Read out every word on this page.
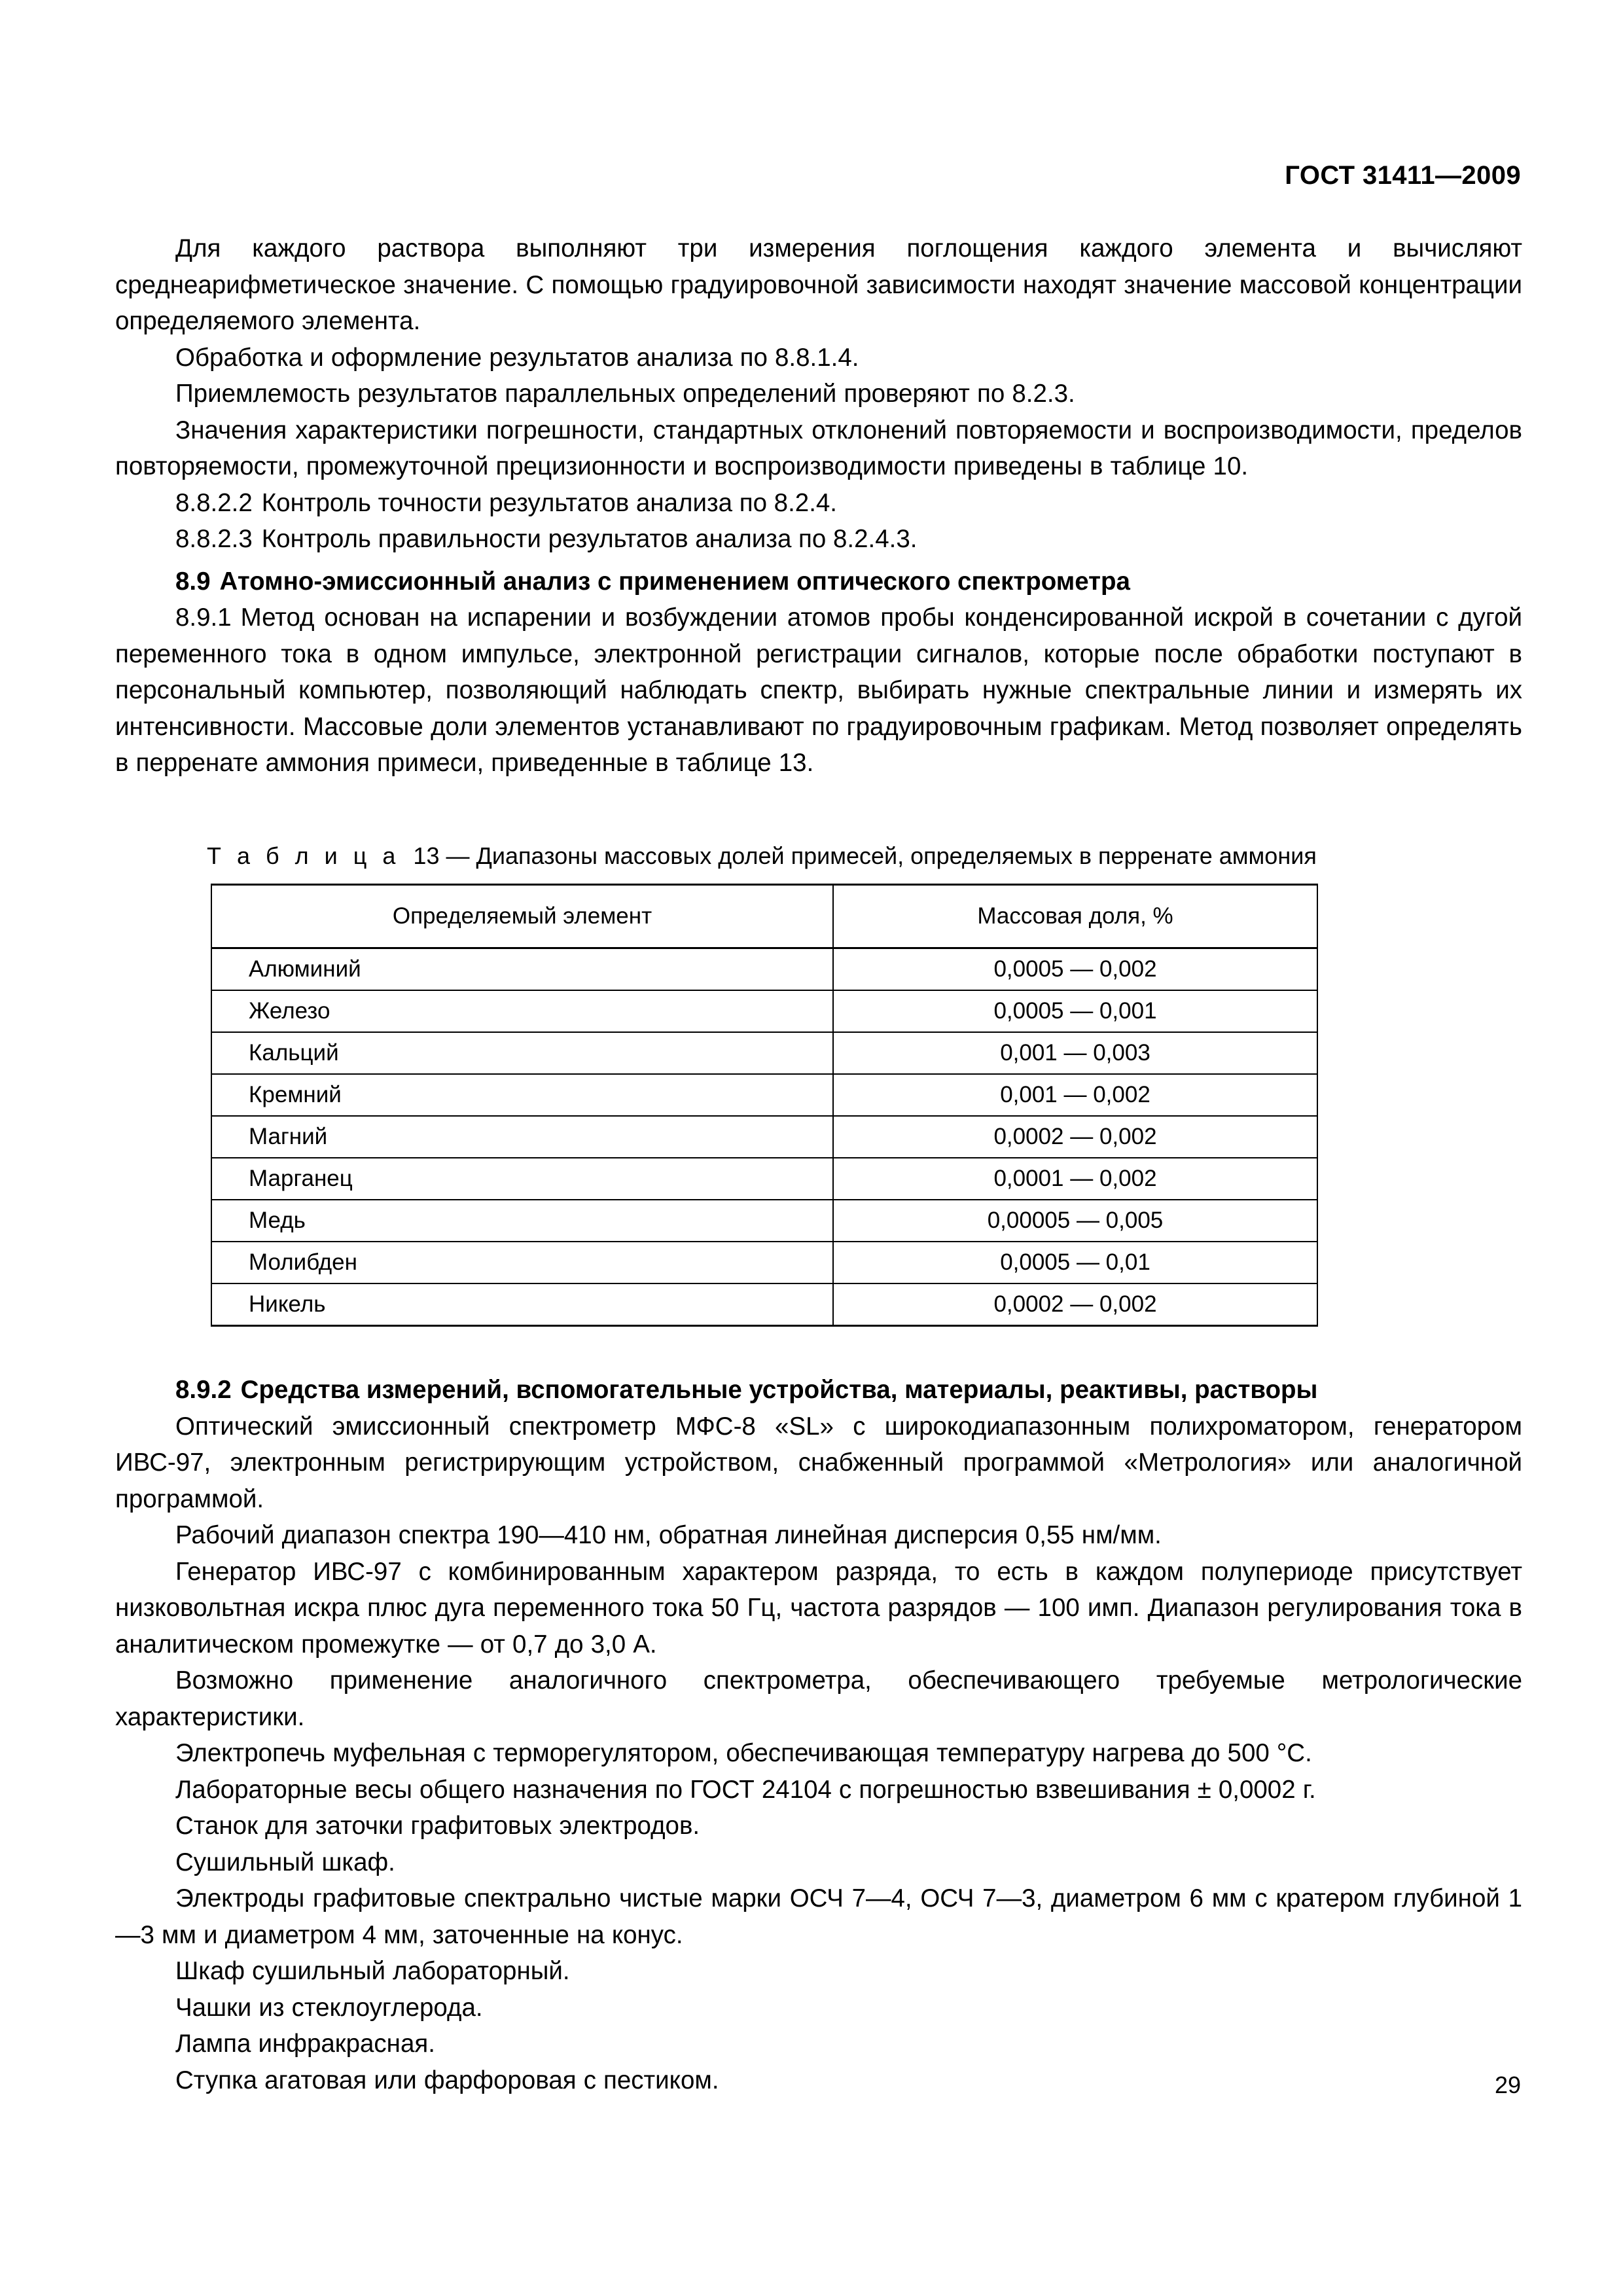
ГОСТ 31411—2009

Для каждого раствора выполняют три измерения поглощения каждого элемента и вычисляют среднеарифметическое значение. С помощью градуировочной зависимости находят значение массовой концентрации определяемого элемента.

Обработка и оформление результатов анализа по 8.8.1.4.

Приемлемость результатов параллельных определений проверяют по 8.2.3.

Значения характеристики погрешности, стандартных отклонений повторяемости и воспроизводимости, пределов повторяемости, промежуточной прецизионности и воспроизводимости приведены в таблице 10.

8.8.2.2 Контроль точности результатов анализа по 8.2.4.

8.8.2.3 Контроль правильности результатов анализа по 8.2.4.3.

8.9 Атомно-эмиссионный анализ с применением оптического спектрометра

8.9.1 Метод основан на испарении и возбуждении атомов пробы конденсированной искрой в сочетании с дугой переменного тока в одном импульсе, электронной регистрации сигналов, которые после обработки поступают в персональный компьютер, позволяющий наблюдать спектр, выбирать нужные спектральные линии и измерять их интенсивности. Массовые доли элементов устанавливают по градуировочным графикам. Метод позволяет определять в перренате аммония примеси, приведенные в таблице 13.

Т а б л и ц а 13 — Диапазоны массовых долей примесей, определяемых в перренате аммония

Определяемый элемент	Массовая доля, %
Алюминий	0,0005 — 0,002
Железо	0,0005 — 0,001
Кальций	0,001 — 0,003
Кремний	0,001 — 0,002
Магний	0,0002 — 0,002
Марганец	0,0001 — 0,002
Медь	0,00005 — 0,005
Молибден	0,0005 — 0,01
Никель	0,0002 — 0,002

8.9.2 Средства измерений, вспомогательные устройства, материалы, реактивы, растворы

Оптический эмиссионный спектрометр МФС-8 «SL» с широкодиапазонным полихроматором, генератором ИВС-97, электронным регистрирующим устройством, снабженный программой «Метрология» или аналогичной программой.

Рабочий диапазон спектра 190—410 нм, обратная линейная дисперсия 0,55 нм/мм.

Генератор ИВС-97 с комбинированным характером разряда, то есть в каждом полупериоде присутствует низковольтная искра плюс дуга переменного тока 50 Гц, частота разрядов — 100 имп. Диапазон регулирования тока в аналитическом промежутке — от 0,7 до 3,0 А.

Возможно применение аналогичного спектрометра, обеспечивающего требуемые метрологические характеристики.

Электропечь муфельная с терморегулятором, обеспечивающая температуру нагрева до 500 °С.

Лабораторные весы общего назначения по ГОСТ 24104 с погрешностью взвешивания ± 0,0002 г.

Станок для заточки графитовых электродов.

Сушильный шкаф.

Электроды графитовые спектрально чистые марки ОСЧ 7—4, ОСЧ 7—3, диаметром 6 мм с кратером глубиной 1—3 мм и диаметром 4 мм, заточенные на конус.

Шкаф сушильный лабораторный.

Чашки из стеклоуглерода.

Лампа инфракрасная.

Ступка агатовая или фарфоровая с пестиком.	29
